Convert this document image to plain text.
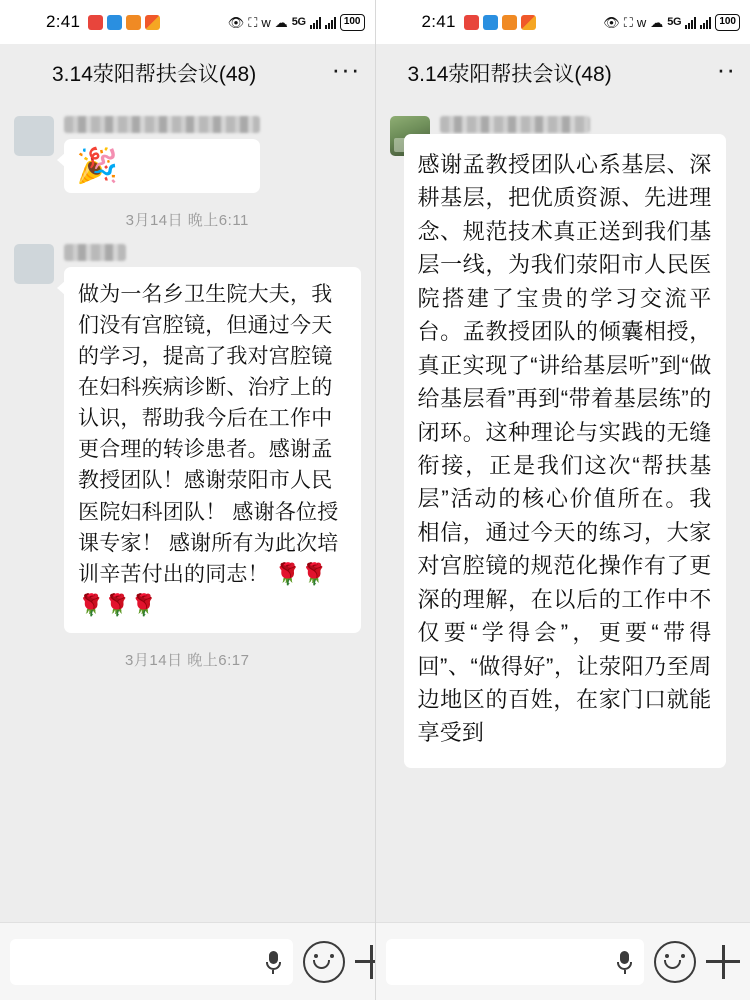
2:41	👁 ⛶ w ☁ 5G	100
3.14荥阳帮扶会议(48)	···
🎉
3月14日 晚上6:11
做为一名乡卫生院大夫，我们没有宫腔镜，但通过今天的学习，提高了我对宫腔镜在妇科疾病诊断、治疗上的认识，帮助我今后在工作中更合理的转诊患者。感谢孟教授团队！感谢荥阳市人民医院妇科团队！ 感谢各位授课专家！ 感谢所有为此次培训辛苦付出的同志！ 🌹🌹🌹🌹🌹
3月14日 晚上6:17
2:41	👁 ⛶ w ☁ 5G	100
3.14荥阳帮扶会议(48)	··
感谢孟教授团队心系基层、深耕基层，把优质资源、先进理念、规范技术真正送到我们基层一线，为我们荥阳市人民医院搭建了宝贵的学习交流平台。孟教授团队的倾囊相授，真正实现了“讲给基层听”到“做给基层看”再到“带着基层练”的闭环。这种理论与实践的无缝衔接，正是我们这次“帮扶基层”活动的核心价值所在。我相信，通过今天的练习，大家对宫腔镜的规范化操作有了更深的理解，在以后的工作中不仅要“学得会”，更要“带得回”、“做得好”，让荥阳乃至周边地区的百姓，在家门口就能享受到
